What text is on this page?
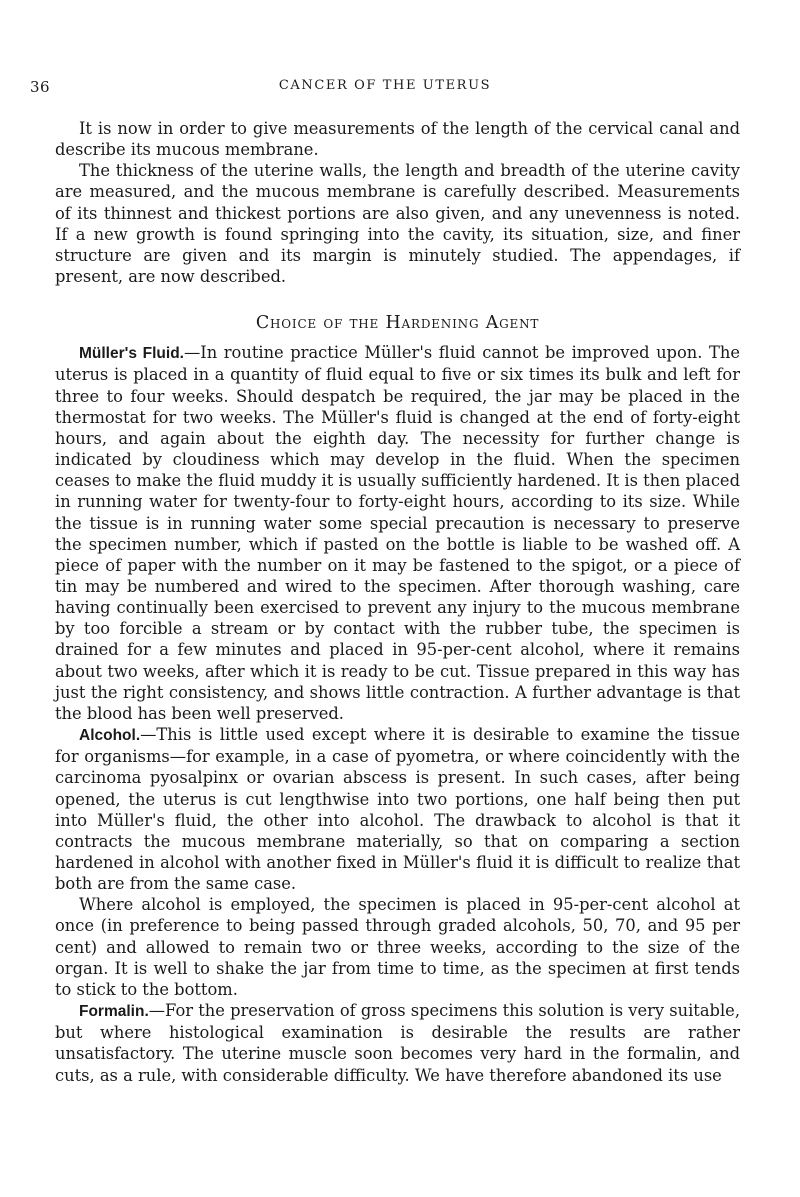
36	CANCER OF THE UTERUS

It is now in order to give measurements of the length of the cervical canal and describe its mucous membrane.

The thickness of the uterine walls, the length and breadth of the uterine cavity are measured, and the mucous membrane is carefully described. Measurements of its thinnest and thickest portions are also given, and any unevenness is noted. If a new growth is found springing into the cavity, its situation, size, and finer structure are given and its margin is minutely studied. The appendages, if present, are now described.

Choice of the Hardening Agent

Müller's Fluid.—In routine practice Müller's fluid cannot be improved upon. The uterus is placed in a quantity of fluid equal to five or six times its bulk and left for three to four weeks. Should despatch be required, the jar may be placed in the thermostat for two weeks. The Müller's fluid is changed at the end of forty-eight hours, and again about the eighth day. The necessity for further change is indicated by cloudiness which may develop in the fluid. When the specimen ceases to make the fluid muddy it is usually sufficiently hardened. It is then placed in running water for twenty-four to forty-eight hours, according to its size. While the tissue is in running water some special precaution is necessary to preserve the specimen number, which if pasted on the bottle is liable to be washed off. A piece of paper with the number on it may be fastened to the spigot, or a piece of tin may be numbered and wired to the specimen. After thorough washing, care having continually been exercised to prevent any injury to the mucous membrane by too forcible a stream or by contact with the rubber tube, the specimen is drained for a few minutes and placed in 95-per-cent alcohol, where it remains about two weeks, after which it is ready to be cut. Tissue prepared in this way has just the right consistency, and shows little contraction. A further advantage is that the blood has been well preserved.

Alcohol.—This is little used except where it is desirable to examine the tissue for organisms—for example, in a case of pyometra, or where coincidently with the carcinoma pyosalpinx or ovarian abscess is present. In such cases, after being opened, the uterus is cut lengthwise into two portions, one half being then put into Müller's fluid, the other into alcohol. The drawback to alcohol is that it contracts the mucous membrane materially, so that on comparing a section hardened in alcohol with another fixed in Müller's fluid it is difficult to realize that both are from the same case.

Where alcohol is employed, the specimen is placed in 95-per-cent alcohol at once (in preference to being passed through graded alcohols, 50, 70, and 95 per cent) and allowed to remain two or three weeks, according to the size of the organ. It is well to shake the jar from time to time, as the specimen at first tends to stick to the bottom.

Formalin.—For the preservation of gross specimens this solution is very suitable, but where histological examination is desirable the results are rather unsatisfactory. The uterine muscle soon becomes very hard in the formalin, and cuts, as a rule, with considerable difficulty. We have therefore abandoned its use
